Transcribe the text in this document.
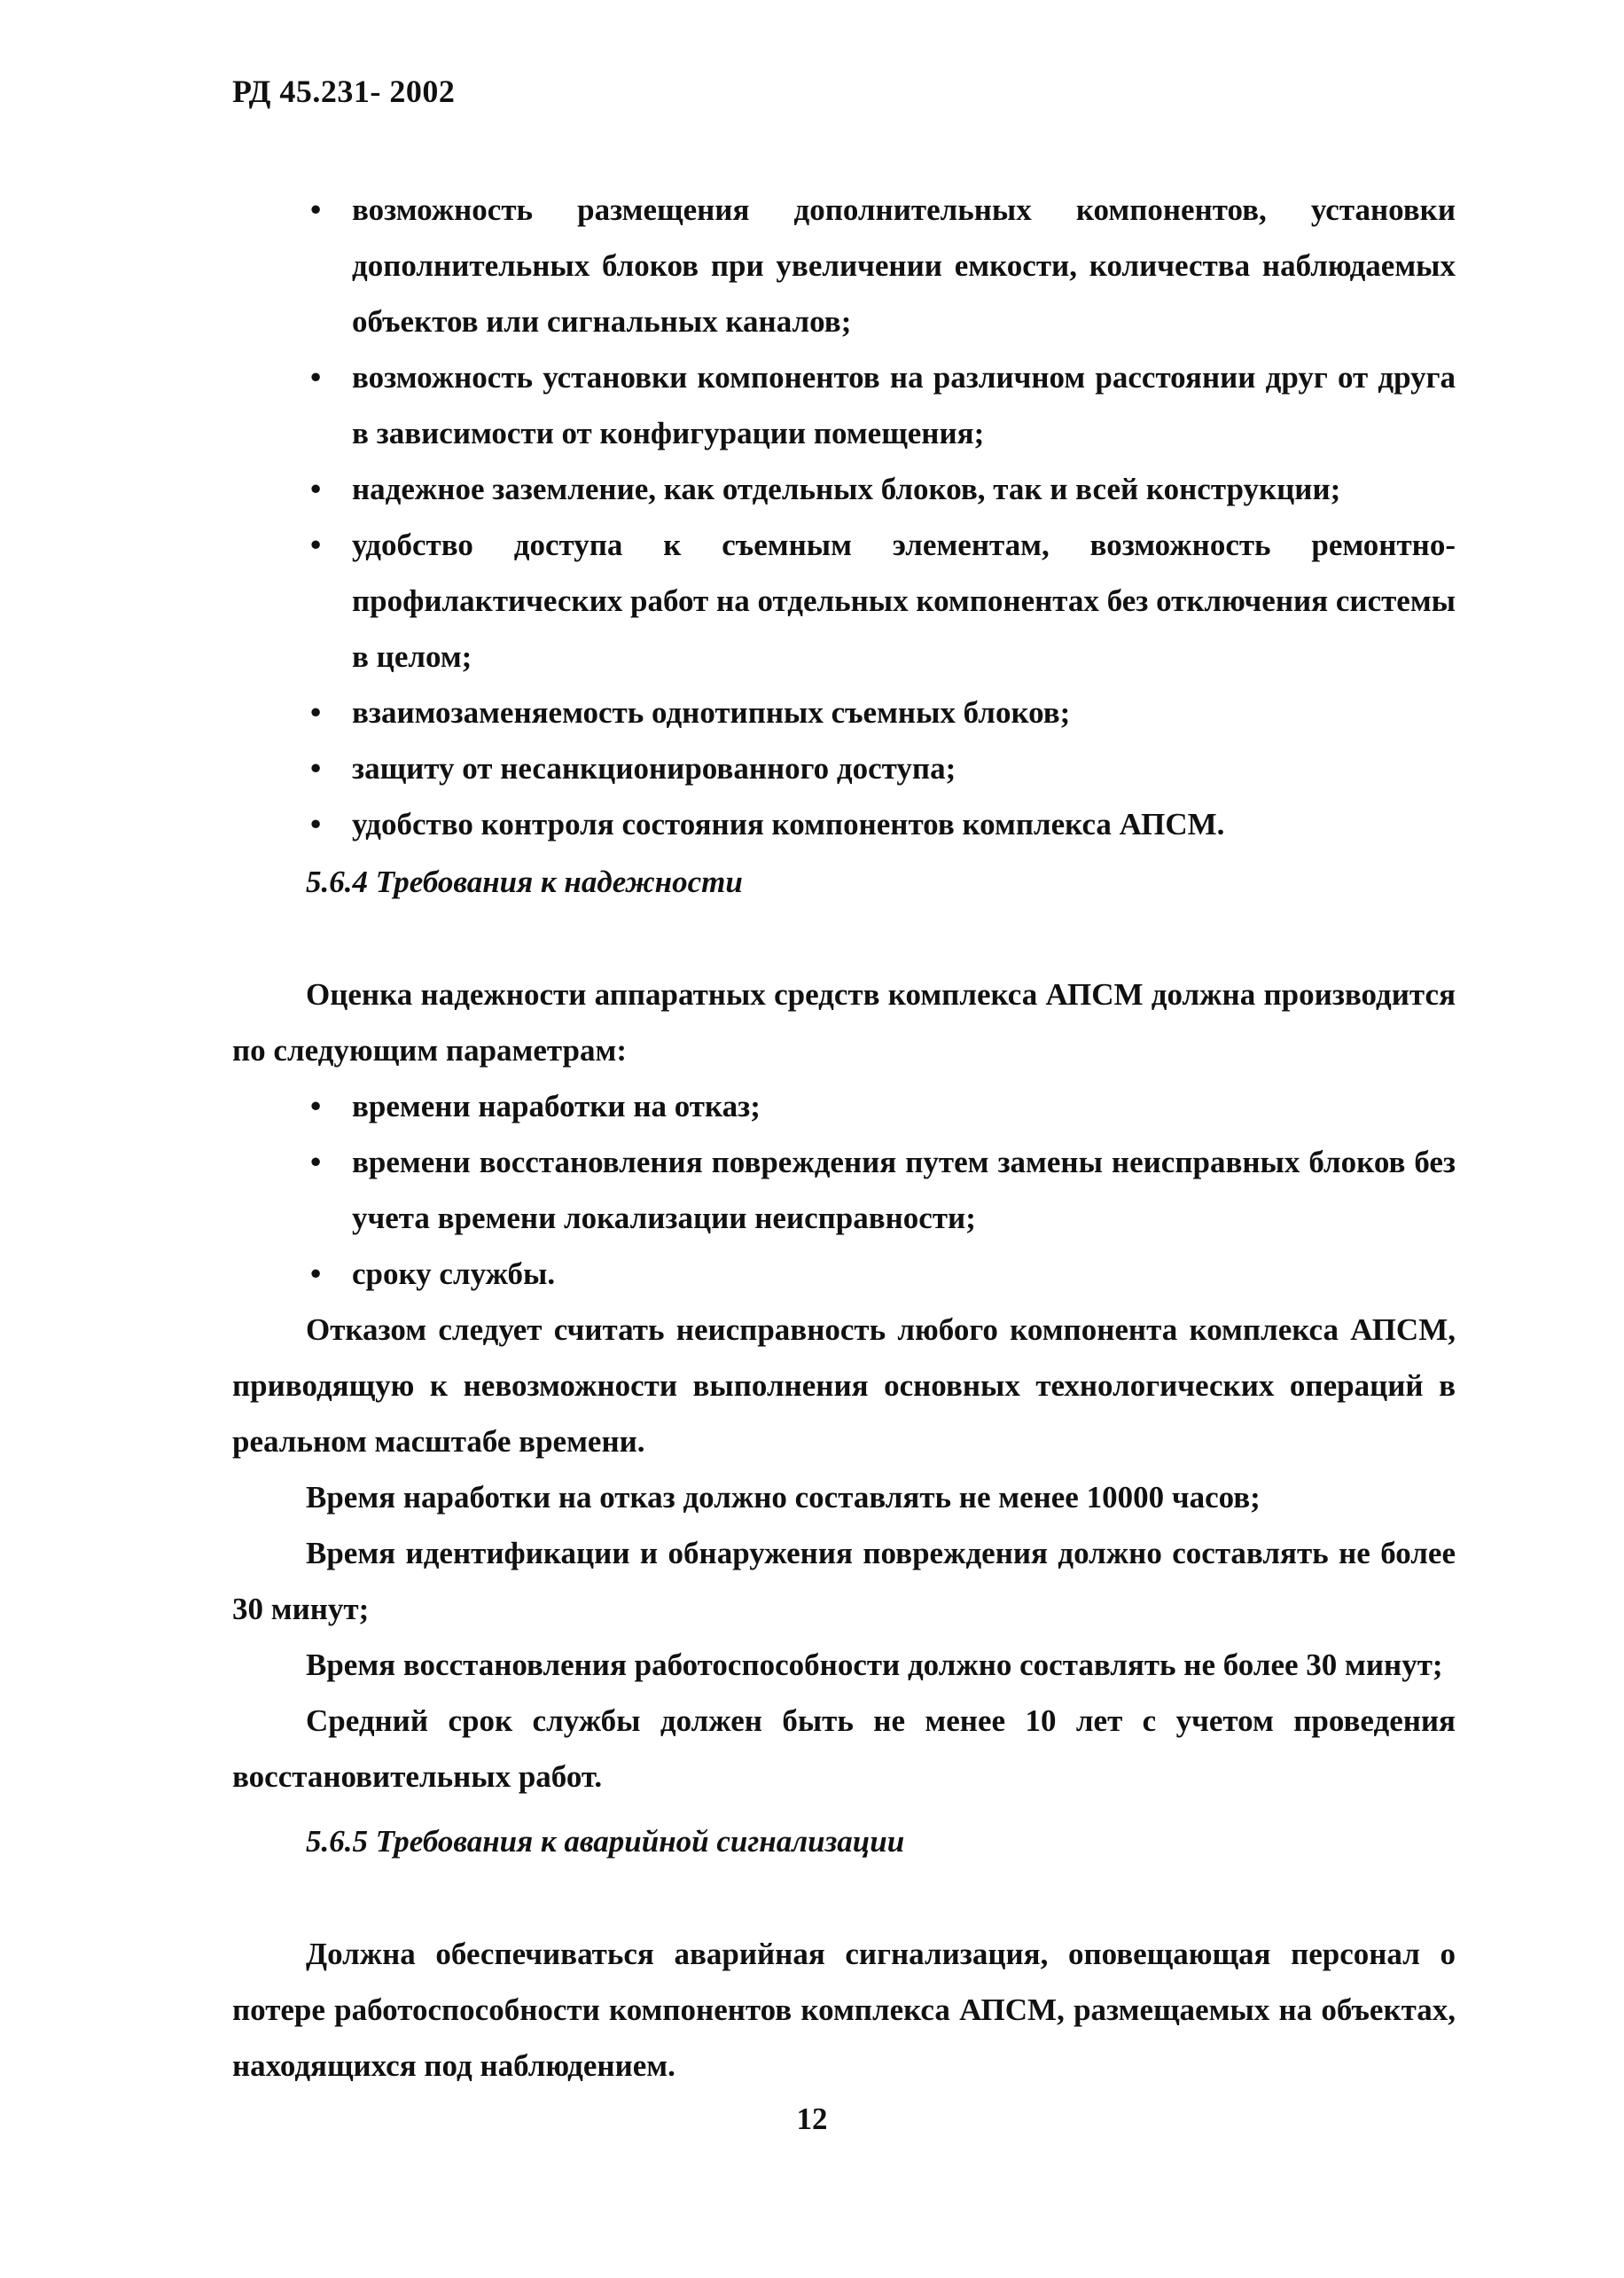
РД 45.231- 2002
• возможность размещения дополнительных компонентов, установки дополнительных блоков при увеличении емкости, количества наблюдаемых объектов или сигнальных каналов;
• возможность установки компонентов на различном расстоянии друг от друга в зависимости от конфигурации помещения;
• надежное заземление, как отдельных блоков, так и всей конструкции;
• удобство доступа к съемным элементам, возможность ремонтно-профилактических работ на отдельных компонентах без отключения системы в целом;
• взаимозаменяемость однотипных съемных блоков;
• защиту от несанкционированного доступа;
• удобство контроля состояния компонентов комплекса АПСМ.
5.6.4 Требования к надежности

Оценка надежности аппаратных средств комплекса АПСМ должна производится по следующим параметрам:

• времени наработки на отказ;
• времени восстановления повреждения путем замены неисправных блоков без учета времени локализации неисправности;
• сроку службы.

Отказом следует считать неисправность любого компонента комплекса АПСМ, приводящую к невозможности выполнения основных технологических операций в реальном масштабе времени.

Время наработки на отказ должно составлять не менее 10000 часов;

Время идентификации и обнаружения повреждения должно составлять не более 30 минут;

Время восстановления работоспособности должно составлять не более 30 минут;

Средний срок службы должен быть не менее 10 лет с учетом проведения восстановительных работ.

5.6.5 Требования к аварийной сигнализации

Должна обеспечиваться аварийная сигнализация, оповещающая персонал о потере работоспособности компонентов комплекса АПСМ, размещаемых на объектах, находящихся под наблюдением.

12
